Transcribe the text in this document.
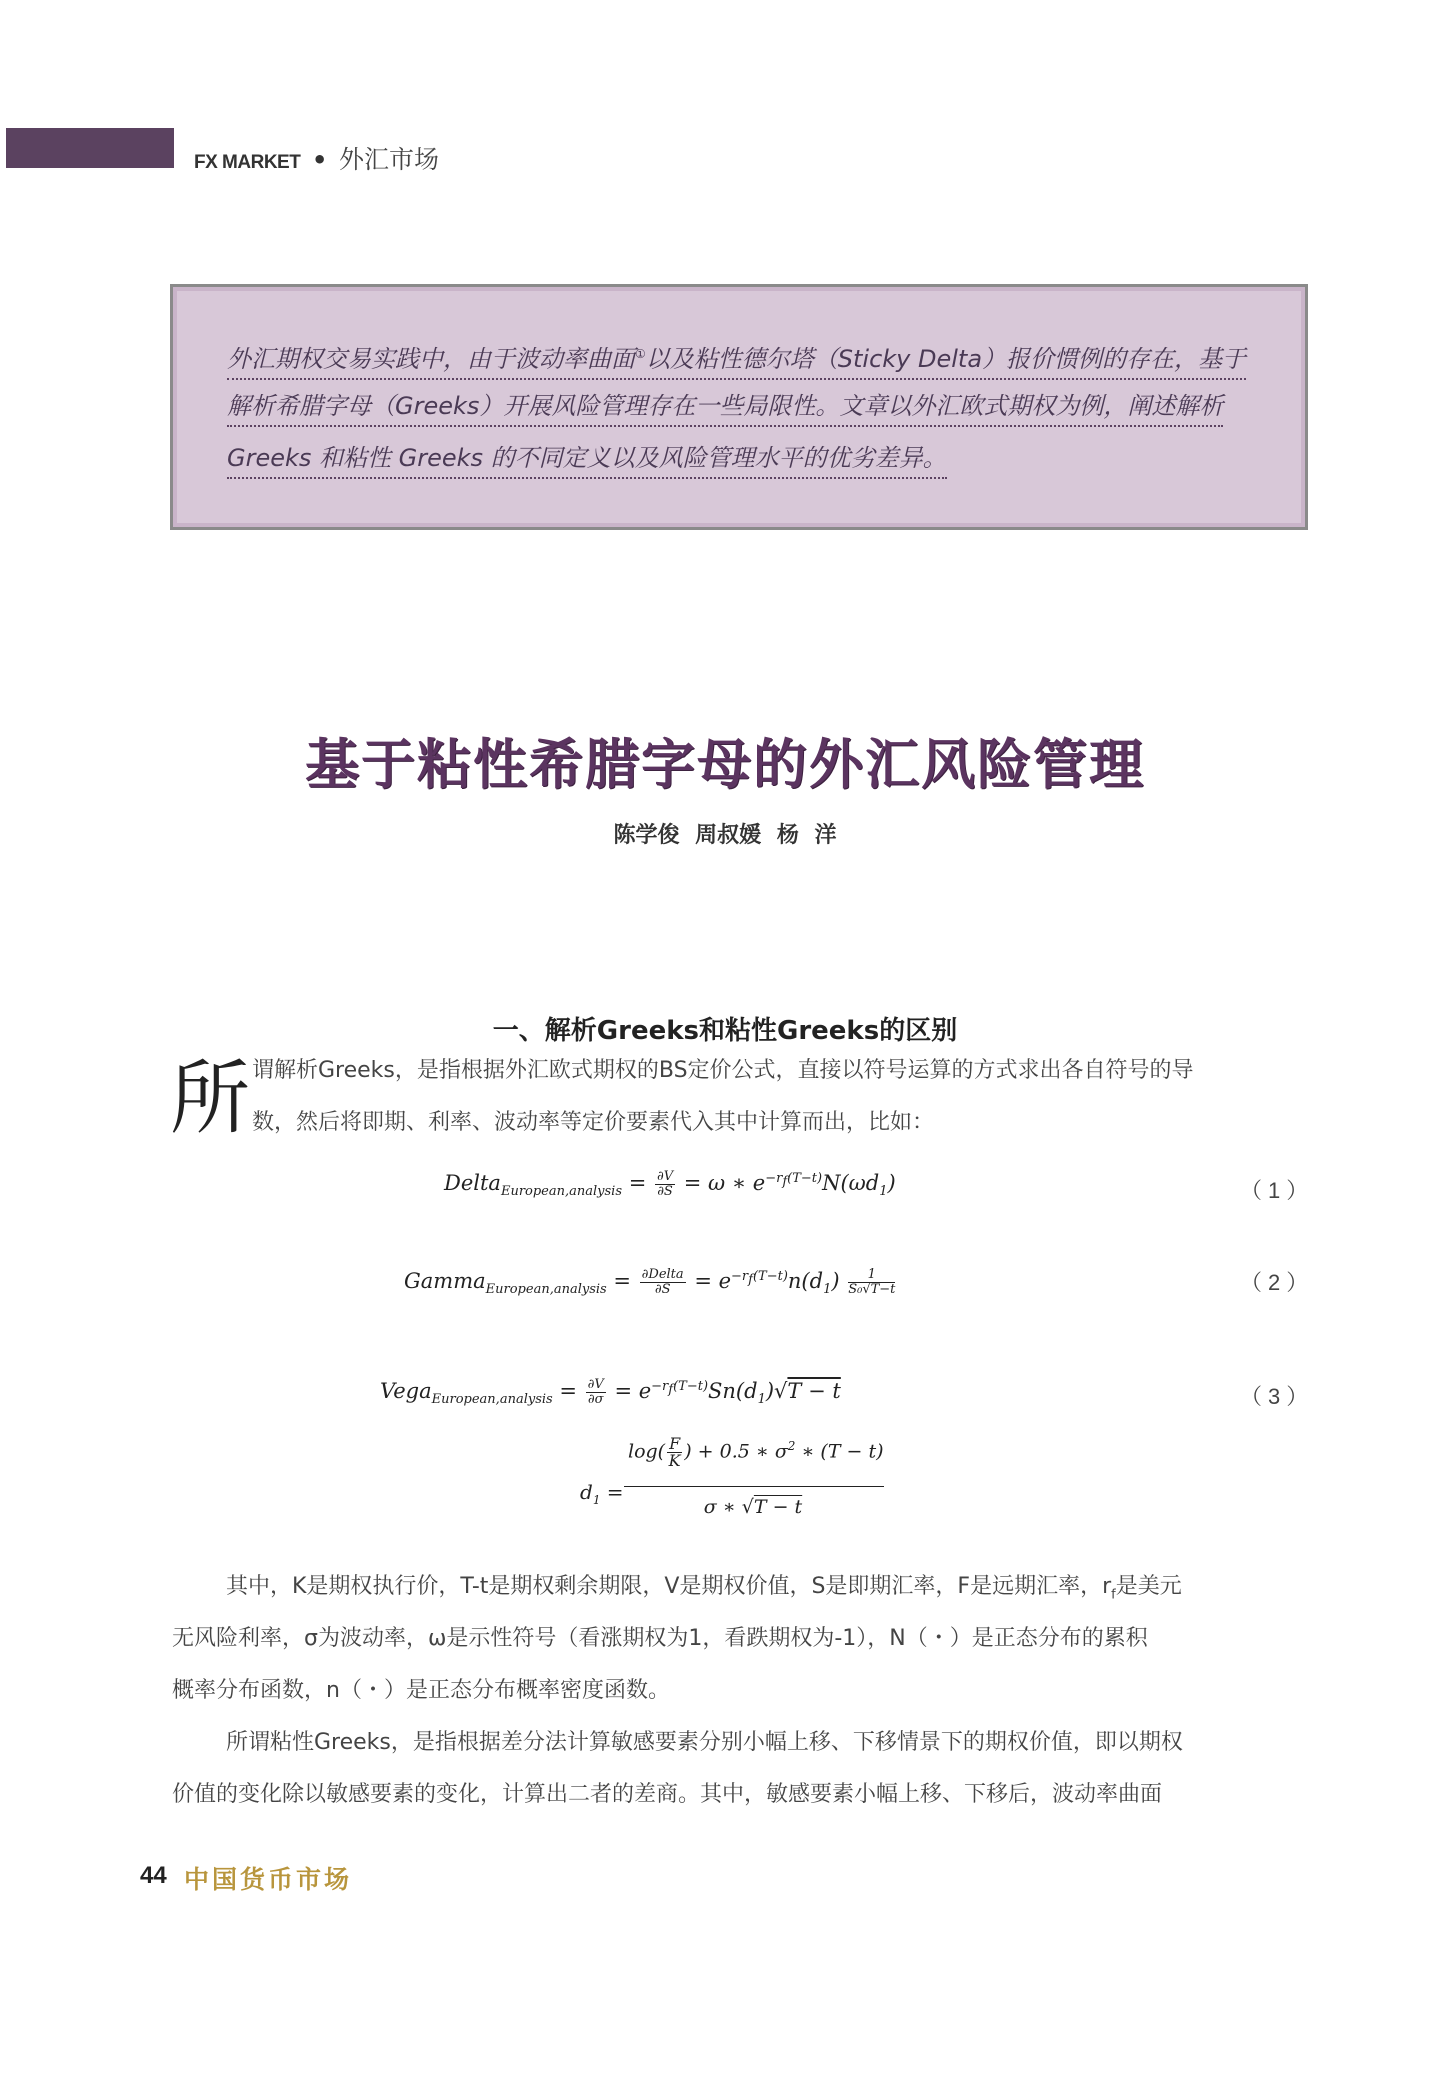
FX MARKET • 外汇市场
外汇期权交易实践中，由于波动率曲面①以及粘性德尔塔（Sticky Delta）报价惯例的存在，基于
解析希腊字母（Greeks）开展风险管理存在一些局限性。文章以外汇欧式期权为例，阐述解析
Greeks 和粘性 Greeks 的不同定义以及风险管理水平的优劣差异。
基于粘性希腊字母的外汇风险管理
陈学俊 周叔媛 杨 洋
一、解析Greeks和粘性Greeks的区别
所 谓解析Greeks，是指根据外汇欧式期权的BS定价公式，直接以符号运算的方式求出各自符号的导
数，然后将即期、利率、波动率等定价要素代入其中计算而出，比如：
Delta$_{European,analysis}$ = $\frac{\partial V}{\partial S} = \omega$ ∗ $e^{-r_f(T-t)}N(\omega d_1)$	（1）
Gamma$_{European,analysis}$ = $\frac{\text{∂Delta}}{\partial S} = e^{-r_f(T-t)}n(d_1) \frac{1}{\text{S₀√T−t}}$	（2）
Vega$_{European,analysis}$ = $\frac{\partial V}{\partial\sigma} = e^{-r_f(T-t)}Sn(d_1)√T - t$	（3）
$d_1$ =
$\log( \frac{F}{K}$ ) + 0.5 ∗ $\sigma^2$ ∗ (T − t)
σ ∗ √T − t
其中，K是期权执行价，T-t是期权剩余期限，V是期权价值，S是即期汇率，F是远期汇率，$r_f$是美元
无风险利率，σ为波动率，ω是示性符号（看涨期权为1，看跌期权为-1），N（・）是正态分布的累积
概率分布函数，n（・）是正态分布概率密度函数。
所谓粘性Greeks，是指根据差分法计算敏感要素分别小幅上移、下移情景下的期权价值，即以期权
价值的变化除以敏感要素的变化，计算出二者的差商。其中，敏感要素小幅上移、下移后，波动率曲面
44 中国货币市场
